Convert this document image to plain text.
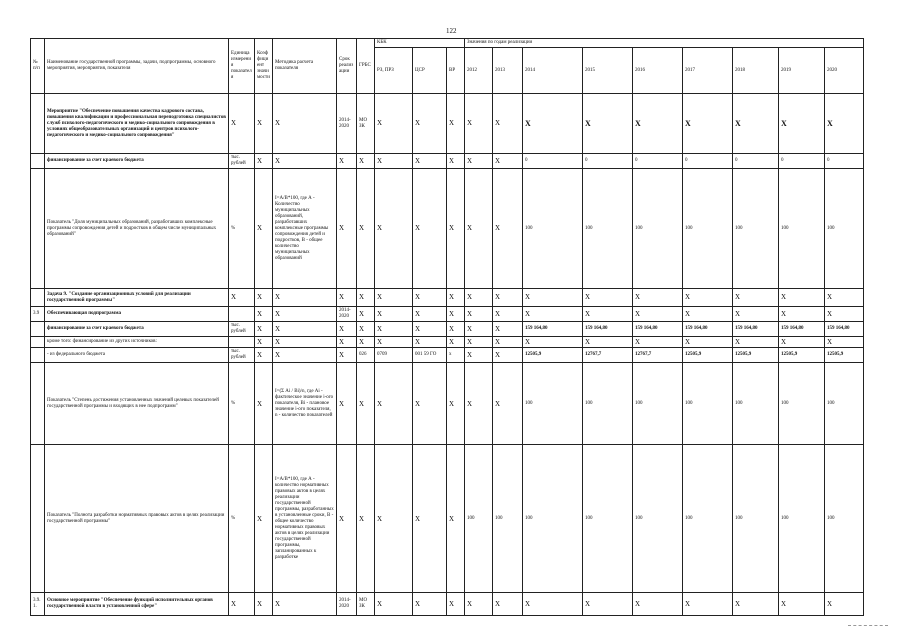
122
№ п/п	Наименование государственной программы, задачи, подпрограммы, основного мероприятия, мероприятия, показателя	Единица измерения показателя	Коэффициент значимости	Методика расчета показателя	Срок реализации	ГРБС	КБК			Значения по годам реализации								
							РЗ, ПРЗ	ЦСР	ВР	2012	2013	2014	2015	2016	2017	2018	2019	2020
	Мероприятие "Обеспечение повышения качества кадрового состава, повышения квалификации и профессиональная переподготовка специалистов служб психолого-педагогического и медико-социального сопровождения в условиях общеобразовательных организаций и центров психолого-педагогического и медико-социального сопровождения"	X	X	X	2014-2020	МО ЗК	X	X	X	X	X	X	X	X	X	X	X	X
	финансирование за счет краевого бюджета	тыс. рублей	X	X	X	X	X	X	X	X	X	0	0	0	0	0	0	0
	Показатель "Доля муниципальных образований, разработавших комплексные программы сопровождения детей и подростков в общем числе муниципальных образований"	%	X	I=A/B*100, где А - Количество муниципальных образований, разработавших комплексные программы сопровождения детей и подростков, В - общее количество муниципальных образований	X	X	X	X	X	X	X	100	100	100	100	100	100	100
	Задача 9. "Создание организационных условий для реализации государственной программы"	X	X	X	X	X	X	X	X	X	X	X	X	X	X	X	X	X
3.9	Обеспечивающая подпрограмма		X	X	2014-2020	X	X	X	X	X	X	X	X	X	X	X	X	X
	финансирование за счет краевого бюджета	тыс. рублей	X	X	X	X	X	X	X	X	X	159 164,80	159 164,80	159 164,80	159 164,80	159 164,80	159 164,80	159 164,80
	кроме того: финансирование из других источников:		X	X	X	X	X	X	X	X	X	X	X	X	X	X	X	X
	- из федерального бюджета	тыс. рублей	X	X	X	026	0709	001 59 ГО	x	X	X	12505,9	12767,7	12767,7	12505,9	12505,9	12505,9	12505,9
	Показатель "Степень достижения установленных значений целевых показателей государственной программы и входящих в нее подпрограмм"	%	X	I=(Σ Ai / Bi)/n, где Ai - фактическое значение i-ого показателя, Bi - плановое значение i-ого показателя, n - количество показателей	X	X	X	X	X	X	X	100	100	100	100	100	100	100
	Показатель "Полнота разработки нормативных правовых актов в целях реализации государственной программы"	%	X	I=A/B*100, где А - количество нормативных правовых актов в целях реализации государственной программы, разработанных в установленные сроки, В - общее количество нормативных правовых актов в целях реализации государственной программы, запланированных к разработке	X	X	X	X	X	100	100	100	100	100	100	100	100	100
3.9.1.	Основное мероприятие "Обеспечение функций исполнительных органов государственной власти в установленной сфере"	X	X	X	2014-2020	МО ЗК	X	X	X	X	X	X	X	X	X	X	X	X
